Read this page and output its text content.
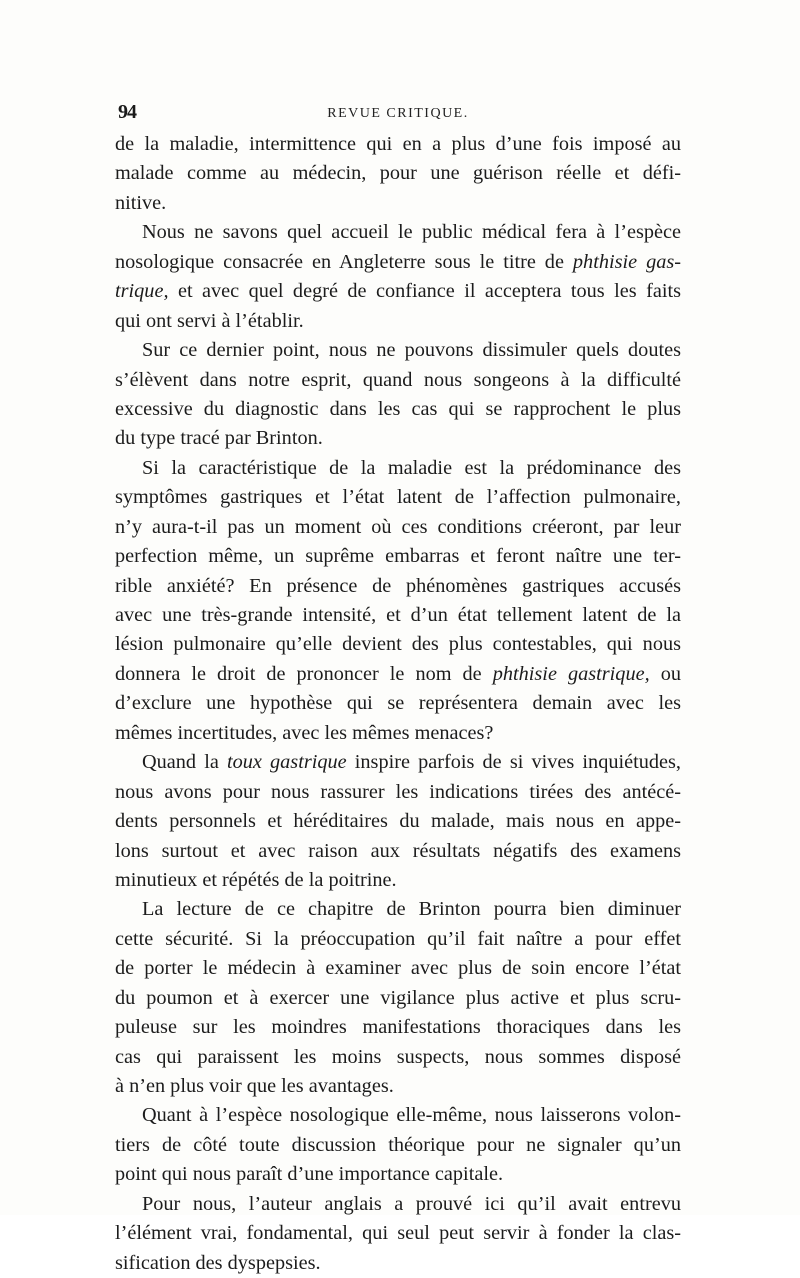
94	REVUE CRITIQUE.
de la maladie, intermittence qui en a plus d’une fois imposé au
malade comme au médecin, pour une guérison réelle et défi-
nitive.
Nous ne savons quel accueil le public médical fera à l’espèce
nosologique consacrée en Angleterre sous le titre de phthisie gas-
trique, et avec quel degré de confiance il acceptera tous les faits
qui ont servi à l’établir.
Sur ce dernier point, nous ne pouvons dissimuler quels doutes
s’élèvent dans notre esprit, quand nous songeons à la difficulté
excessive du diagnostic dans les cas qui se rapprochent le plus
du type tracé par Brinton.
Si la caractéristique de la maladie est la prédominance des
symptômes gastriques et l’état latent de l’affection pulmonaire,
n’y aura-t-il pas un moment où ces conditions créeront, par leur
perfection même, un suprême embarras et feront naître une ter-
rible anxiété? En présence de phénomènes gastriques accusés
avec une très-grande intensité, et d’un état tellement latent de la
lésion pulmonaire qu’elle devient des plus contestables, qui nous
donnera le droit de prononcer le nom de phthisie gastrique, ou
d’exclure une hypothèse qui se représentera demain avec les
mêmes incertitudes, avec les mêmes menaces?
Quand la toux gastrique inspire parfois de si vives inquiétudes,
nous avons pour nous rassurer les indications tirées des antécé-
dents personnels et héréditaires du malade, mais nous en appe-
lons surtout et avec raison aux résultats négatifs des examens
minutieux et répétés de la poitrine.
La lecture de ce chapitre de Brinton pourra bien diminuer
cette sécurité. Si la préoccupation qu’il fait naître a pour effet
de porter le médecin à examiner avec plus de soin encore l’état
du poumon et à exercer une vigilance plus active et plus scru-
puleuse sur les moindres manifestations thoraciques dans les
cas qui paraissent les moins suspects, nous sommes disposé
à n’en plus voir que les avantages.
Quant à l’espèce nosologique elle-même, nous laisserons volon-
tiers de côté toute discussion théorique pour ne signaler qu’un
point qui nous paraît d’une importance capitale.
Pour nous, l’auteur anglais a prouvé ici qu’il avait entrevu
l’élément vrai, fondamental, qui seul peut servir à fonder la clas-
sification des dyspepsies.
